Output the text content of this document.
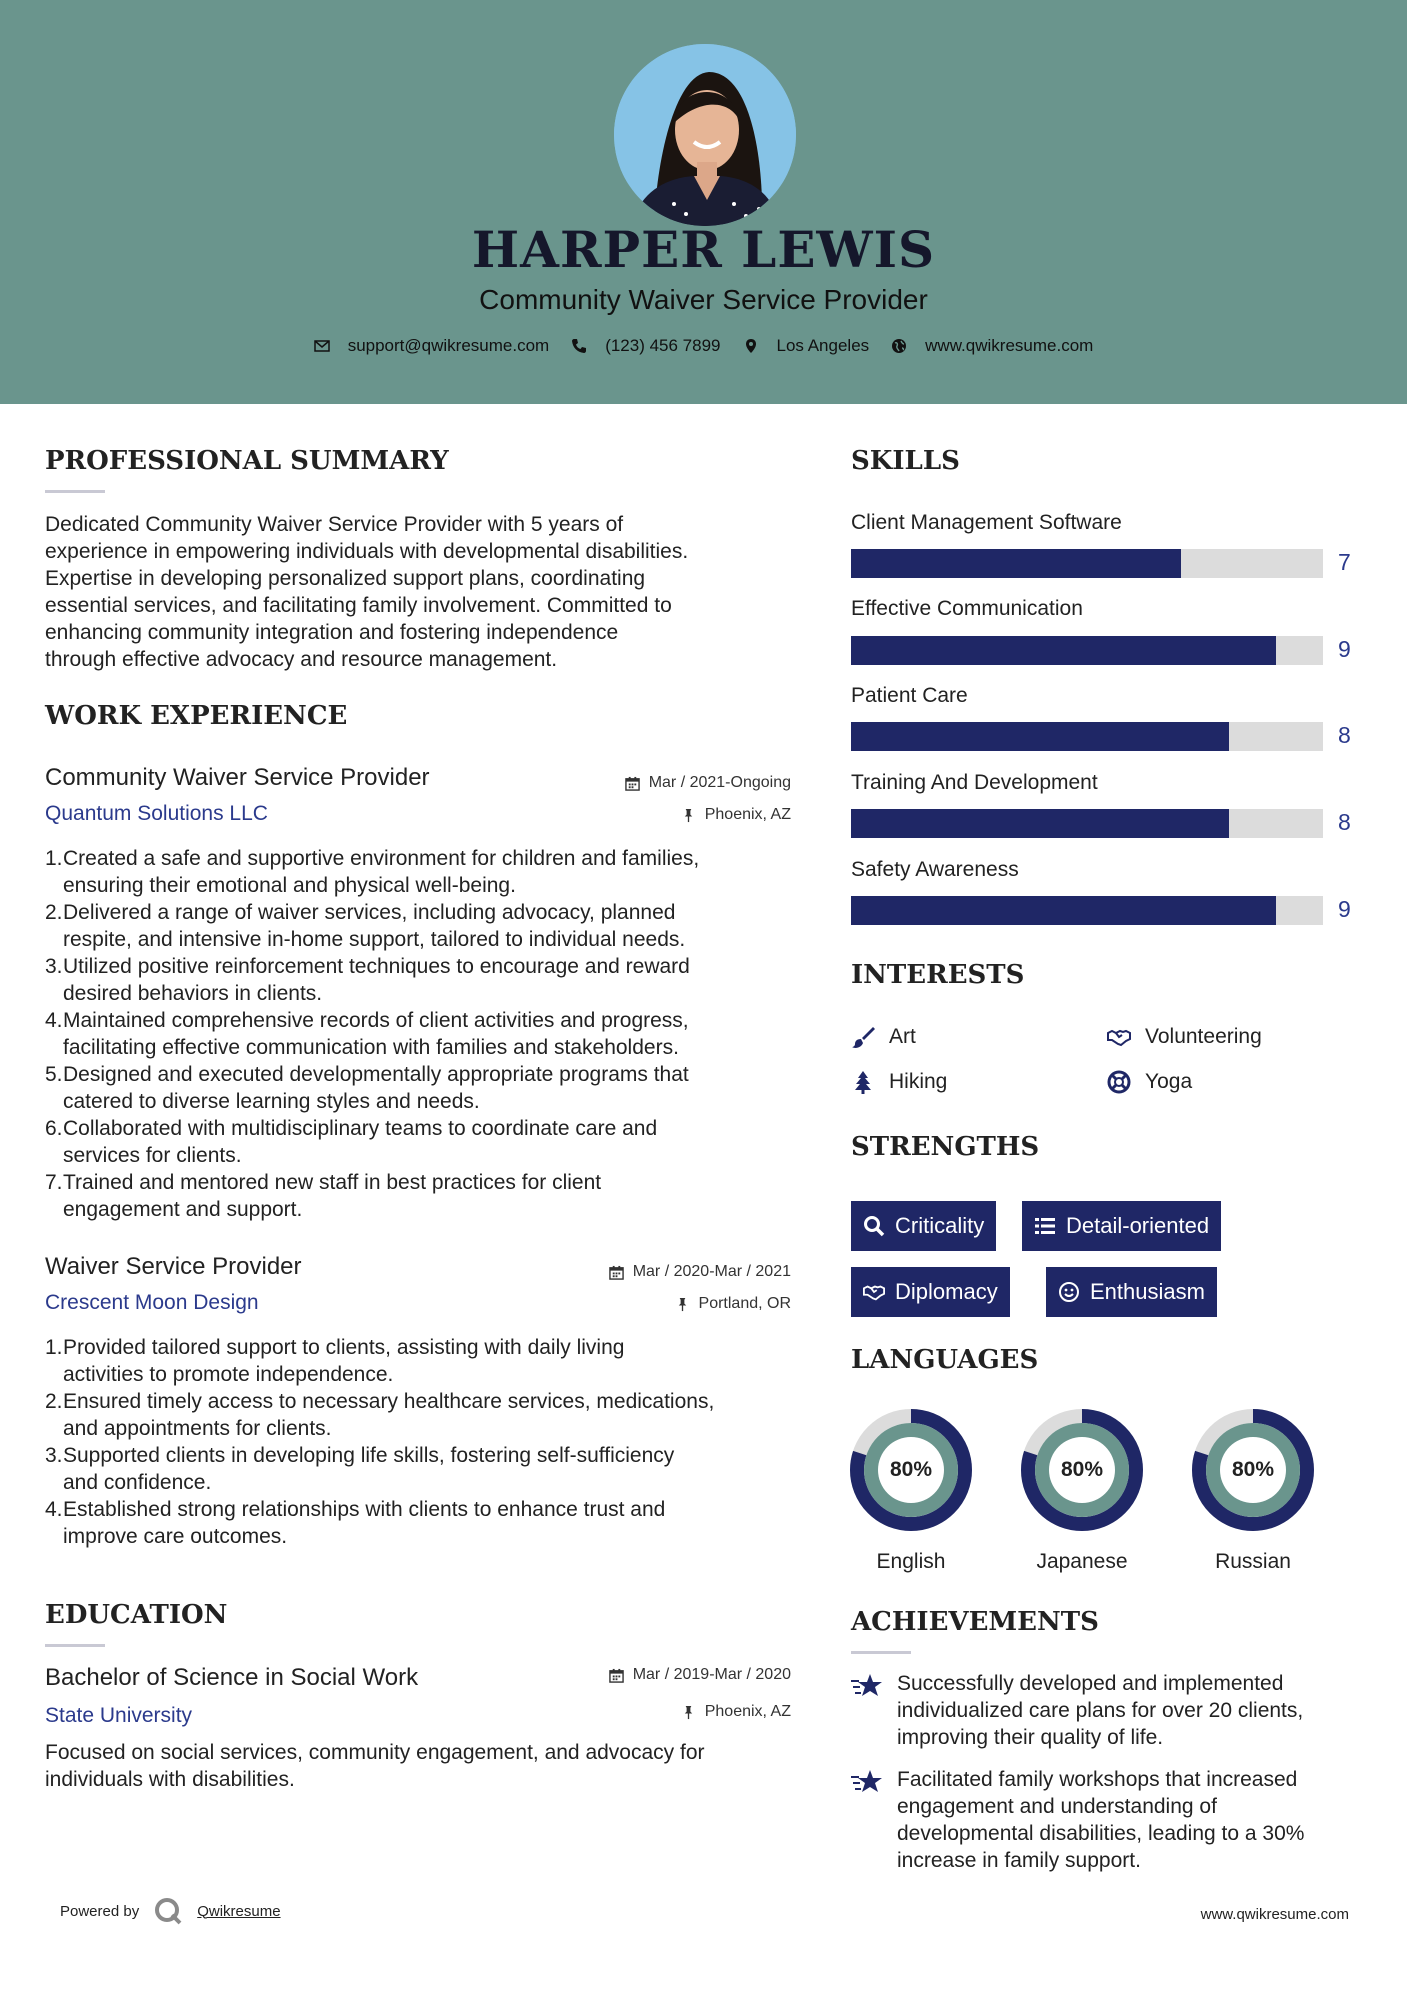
HARPER LEWIS
Community Waiver Service Provider
support@qwikresume.com	(123) 456 7899	Los Angeles	www.qwikresume.com
PROFESSIONAL SUMMARY
Dedicated Community Waiver Service Provider with 5 years of
experience in empowering individuals with developmental disabilities.
Expertise in developing personalized support plans, coordinating
essential services, and facilitating family involvement. Committed to
enhancing community integration and fostering independence
through effective advocacy and resource management.
WORK EXPERIENCE
Community Waiver Service Provider	Mar / 2021-Ongoing
Quantum Solutions LLC	Phoenix, AZ
1. Created a safe and supportive environment for children and families,
ensuring their emotional and physical well-being.
2. Delivered a range of waiver services, including advocacy, planned
respite, and intensive in-home support, tailored to individual needs.
3. Utilized positive reinforcement techniques to encourage and reward
desired behaviors in clients.
4. Maintained comprehensive records of client activities and progress,
facilitating effective communication with families and stakeholders.
5. Designed and executed developmentally appropriate programs that
catered to diverse learning styles and needs.
6. Collaborated with multidisciplinary teams to coordinate care and
services for clients.
7. Trained and mentored new staff in best practices for client
engagement and support.
Waiver Service Provider	Mar / 2020-Mar / 2021
Crescent Moon Design	Portland, OR
1. Provided tailored support to clients, assisting with daily living
activities to promote independence.
2. Ensured timely access to necessary healthcare services, medications,
and appointments for clients.
3. Supported clients in developing life skills, fostering self-sufficiency
and confidence.
4. Established strong relationships with clients to enhance trust and
improve care outcomes.
EDUCATION
Bachelor of Science in Social Work	Mar / 2019-Mar / 2020
State University	Phoenix, AZ
Focused on social services, community engagement, and advocacy for
individuals with disabilities.
SKILLS
Client Management Software
7
Effective Communication
9
Patient Care
8
Training And Development
8
Safety Awareness
9
INTERESTS
Art	Volunteering
Hiking	Yoga
STRENGTHS
Criticality	Detail-oriented
Diplomacy	Enthusiasm
LANGUAGES
80%
English
80%
Japanese
80%
Russian
ACHIEVEMENTS
Successfully developed and implemented
individualized care plans for over 20 clients,
improving their quality of life.
Facilitated family workshops that increased
engagement and understanding of
developmental disabilities, leading to a 30%
increase in family support.
Powered by	Qwikresume	www.qwikresume.com
